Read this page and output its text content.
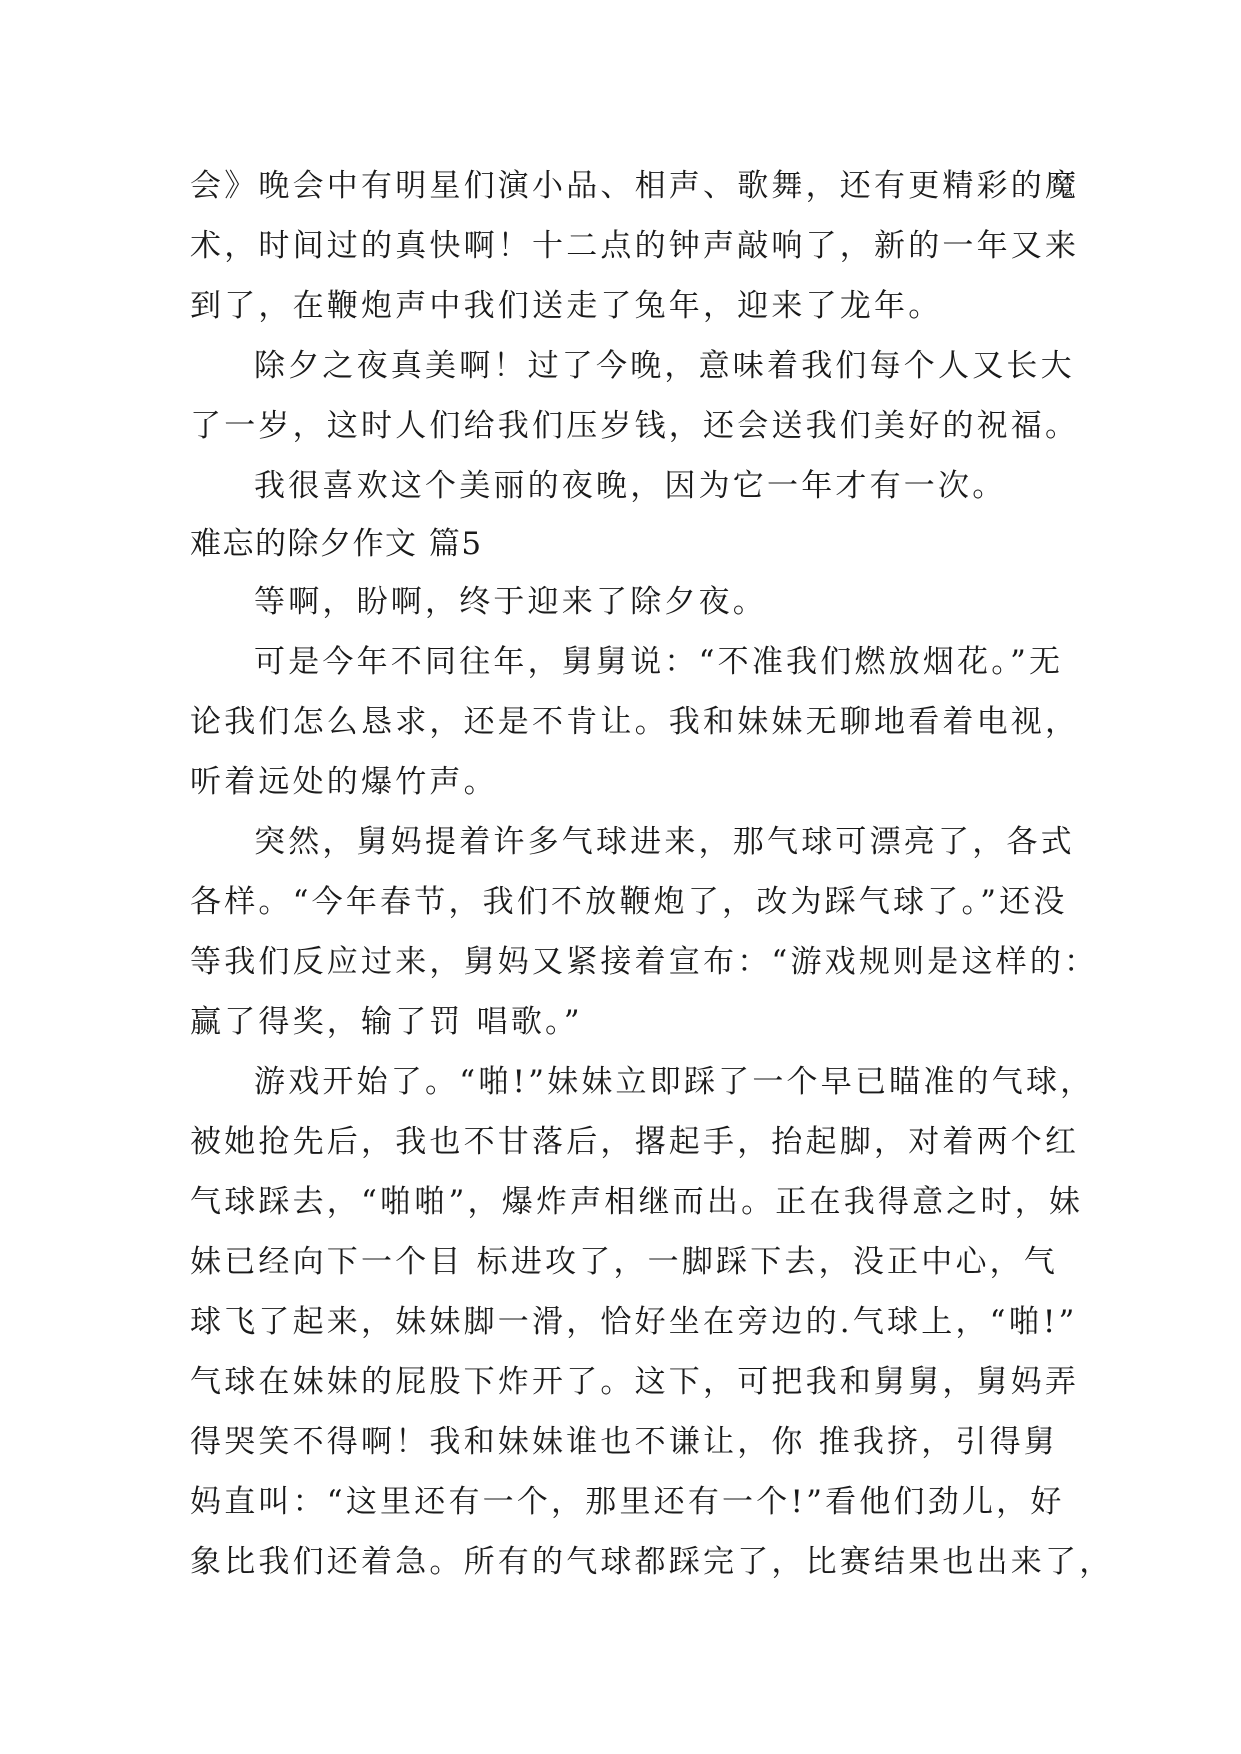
会》晚会中有明星们演小品、相声、歌舞，还有更精彩的魔
术，时间过的真快啊！十二点的钟声敲响了，新的一年又来
到了，在鞭炮声中我们送走了兔年，迎来了龙年。
除夕之夜真美啊！过了今晚，意味着我们每个人又长大
了一岁，这时人们给我们压岁钱，还会送我们美好的祝福。
我很喜欢这个美丽的夜晚，因为它一年才有一次。
难忘的除夕作文 篇5
等啊，盼啊，终于迎来了除夕夜。
可是今年不同往年，舅舅说：“不准我们燃放烟花。”无
论我们怎么恳求，还是不肯让。我和妹妹无聊地看着电视，
听着远处的爆竹声。
突然，舅妈提着许多气球进来，那气球可漂亮了，各式
各样。“今年春节，我们不放鞭炮了，改为踩气球了。”还没
等我们反应过来，舅妈又紧接着宣布：“游戏规则是这样的：
赢了得奖，输了罚 唱歌。”
游戏开始了。“啪!”妹妹立即踩了一个早已瞄准的气球，
被她抢先后，我也不甘落后，撂起手，抬起脚，对着两个红
气球踩去，“啪啪”，爆炸声相继而出。正在我得意之时，妹
妹已经向下一个目 标进攻了，一脚踩下去，没正中心，气
球飞了起来，妹妹脚一滑，恰好坐在旁边的.气球上，“啪!”
气球在妹妹的屁股下炸开了。这下，可把我和舅舅，舅妈弄
得哭笑不得啊！我和妹妹谁也不谦让，你 推我挤，引得舅
妈直叫：“这里还有一个，那里还有一个!”看他们劲儿，好
象比我们还着急。所有的气球都踩完了，比赛结果也出来了，
